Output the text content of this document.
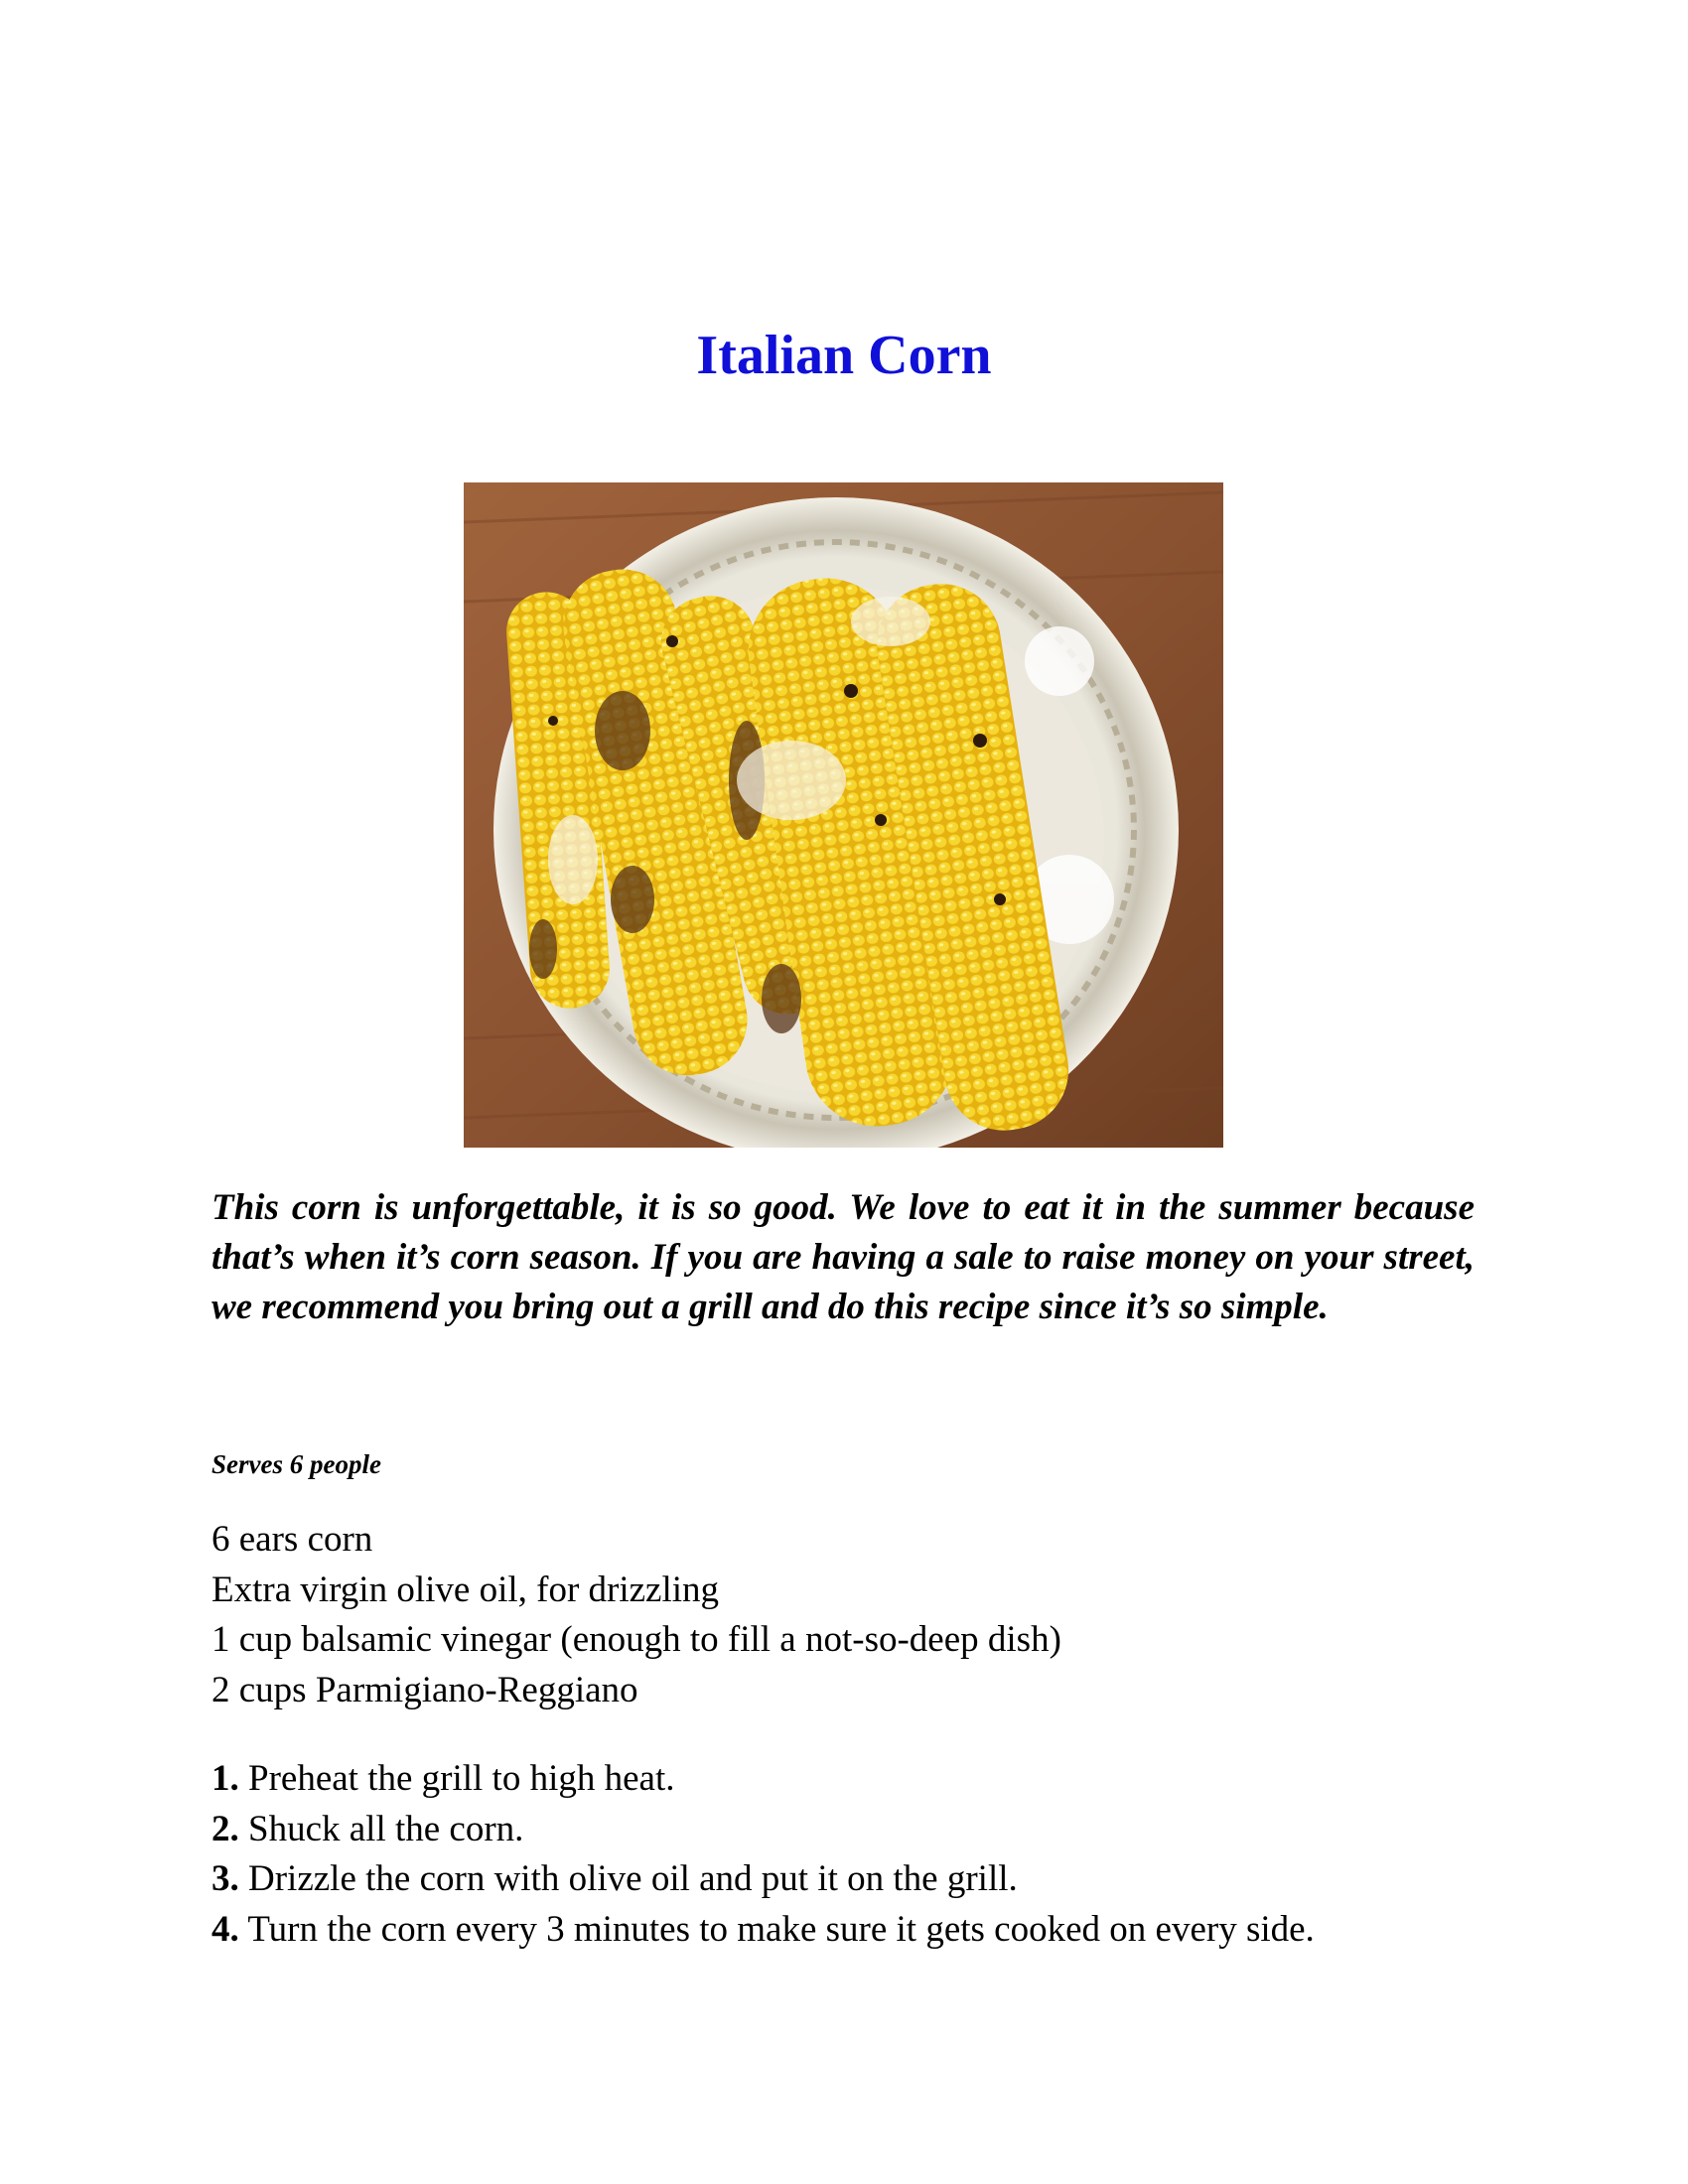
Italian Corn

This corn is unforgettable, it is so good. We love to eat it in the summer because that’s when it’s corn season. If you are having a sale to raise money on your street, we recommend you bring out a grill and do this recipe since it’s so simple.

Serves 6 people

6 ears corn
Extra virgin olive oil, for drizzling
1 cup balsamic vinegar (enough to fill a not-so-deep dish)
2 cups Parmigiano-Reggiano
1. Preheat the grill to high heat.
2. Shuck all the corn.
3. Drizzle the corn with olive oil and put it on the grill.
4. Turn the corn every 3 minutes to make sure it gets cooked on every side.
